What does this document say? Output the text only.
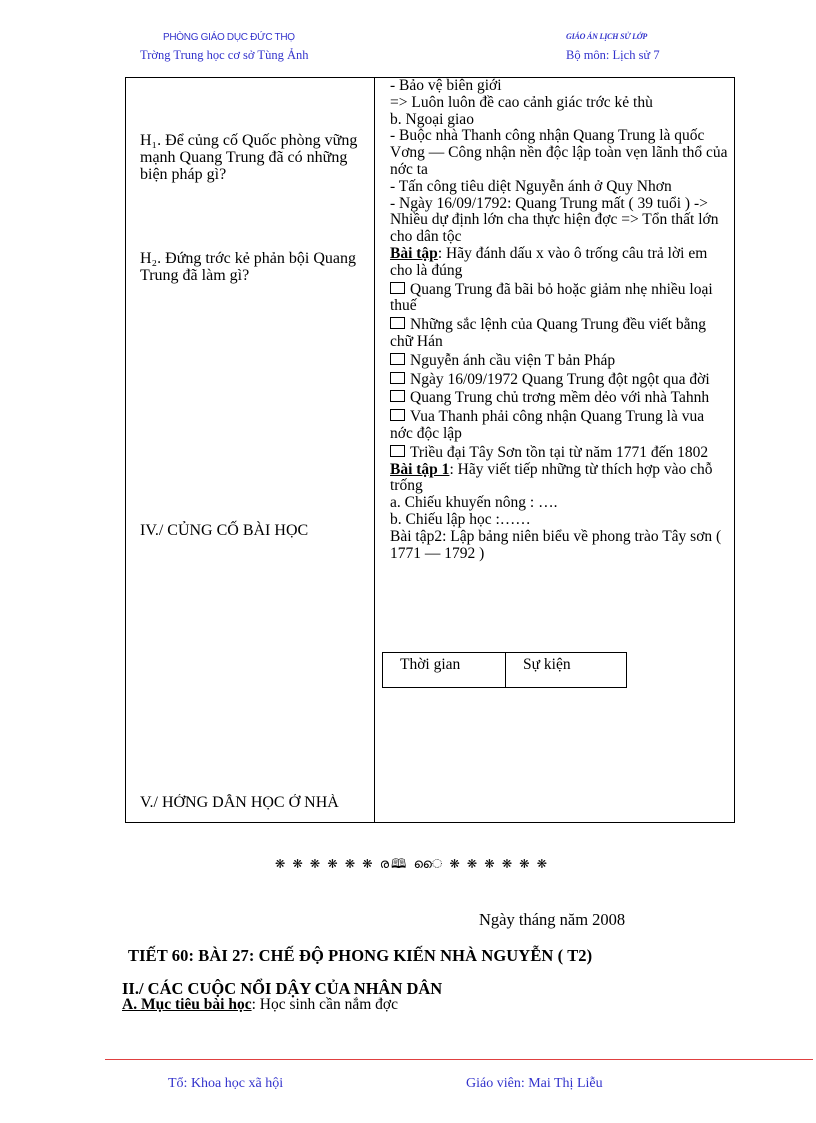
PHÒNG GIÁO DỤC ĐỨC THỌ
Trờng Trung học cơ sở Tùng Ảnh
GIÁO ÁN LỊCH SỬ LỚP
Bộ môn: Lịch sử 7
H₁. Để củng cố Quốc phòng vững mạnh Quang Trung đã có những biện pháp gì?
H₂. Đứng trớc kẻ phản bội Quang Trung đã làm gì?
IV./ CỦNG CỐ BÀI HỌC
V./ HỚNG DẪN HỌC Ở NHÀ

- Bảo vệ biên giới

=> Luôn luôn đề cao cảnh giác trớc kẻ thù

b. Ngoại giao

- Buộc nhà Thanh công nhận Quang Trung là quốc Vơng — Công nhận nền độc lập toàn vẹn lãnh thổ của nớc ta

- Tấn công tiêu diệt Nguyễn ánh ở Quy Nhơn

- Ngày 16/09/1792: Quang Trung mất ( 39 tuổi ) -> Nhiều dự định lớn cha thực hiện đợc => Tổn thất lớn cho dân tộc

Bài tập: Hãy đánh dấu x vào ô trống câu trả lời em cho là đúng

Quang Trung đã bãi bỏ hoặc giảm nhẹ nhiều loại thuế

Những sắc lệnh của Quang Trung đều viết bằng chữ Hán

Nguyễn ánh cầu viện T bản Pháp

Ngày 16/09/1972 Quang Trung đột ngột qua đời

Quang Trung chủ trơng mềm dẻo với nhà Tahnh

Vua Thanh phải công nhận Quang Trung là vua nớc độc lập

Triều đại Tây Sơn tồn tại từ năm 1771 đến 1802

Bài tập 1: Hãy viết tiếp những từ thích hợp vào chỗ trống

a. Chiếu khuyến nông : ….

b. Chiếu lập học :……

Bài tập2: Lập bảng niên biểu về phong trào Tây sơn ( 1771 — 1792 )

Thời gian	Sự kiện
❋ ❋ ❋ ❋ ❋ ❋ ര🕮 ൈ ❋ ❋ ❋ ❋ ❋ ❋
Ngày tháng năm 2008
TIẾT 60: BÀI 27: CHẾ ĐỘ PHONG KIẾN NHÀ NGUYỄN ( T2)
II./ CÁC CUỘC NỔI DẬY CỦA NHÂN DÂN
A. Mục tiêu bài học: Học sinh cần nắm đợc
Tổ: Khoa học xã hội	Giáo viên: Mai Thị Liễu
